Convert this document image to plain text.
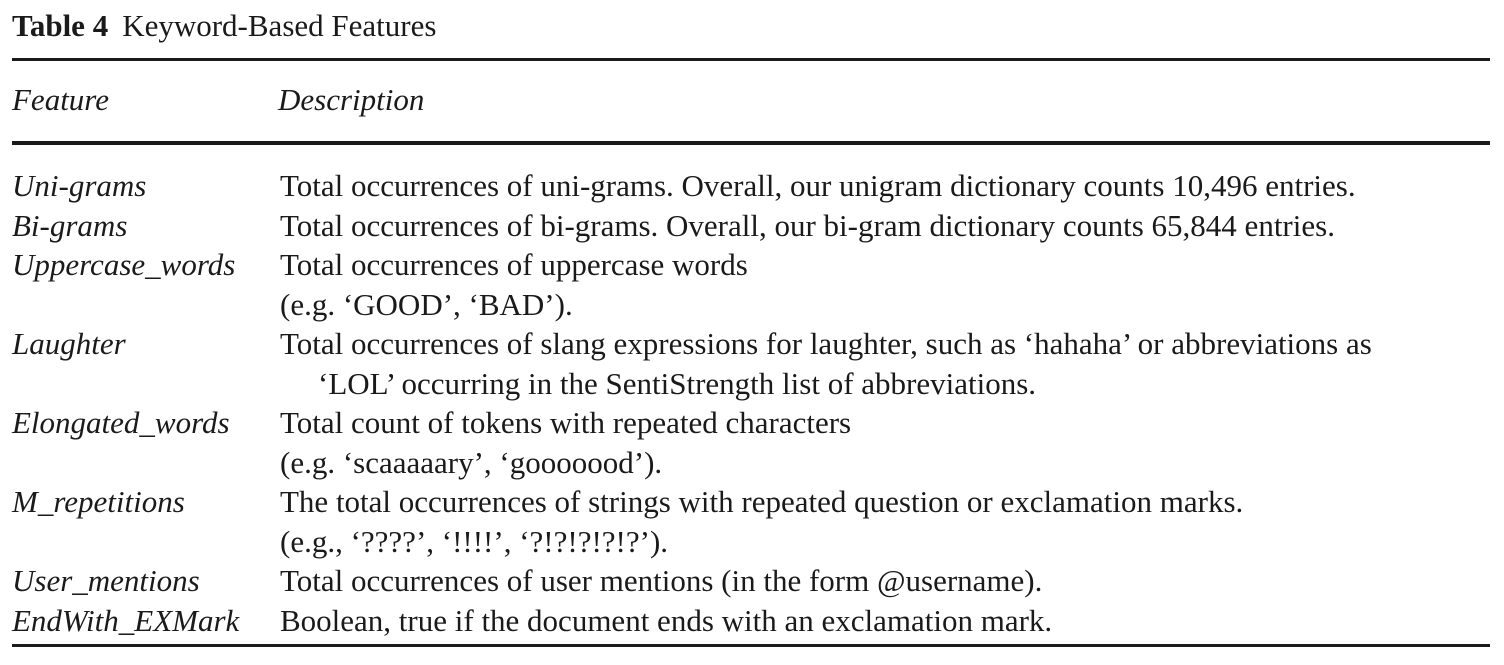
Table 4 Keyword-Based Features
Feature	Description
Uni-grams	Total occurrences of uni-grams. Overall, our unigram dictionary counts 10,496 entries.
Bi-grams	Total occurrences of bi-grams. Overall, our bi-gram dictionary counts 65,844 entries.
Uppercase_words	Total occurrences of uppercase words
(e.g. ‘GOOD’, ‘BAD’).
Laughter	Total occurrences of slang expressions for laughter, such as ‘hahaha’ or abbreviations as
‘LOL’ occurring in the SentiStrength list of abbreviations.
Elongated_words	Total count of tokens with repeated characters
(e.g. ‘scaaaaary’, ‘gooooood’).
M_repetitions	The total occurrences of strings with repeated question or exclamation marks.
(e.g., ‘????’, ‘!!!!’, ‘?!?!?!?!?’).
User_mentions	Total occurrences of user mentions (in the form @username).
EndWith_EXMark	Boolean, true if the document ends with an exclamation mark.
